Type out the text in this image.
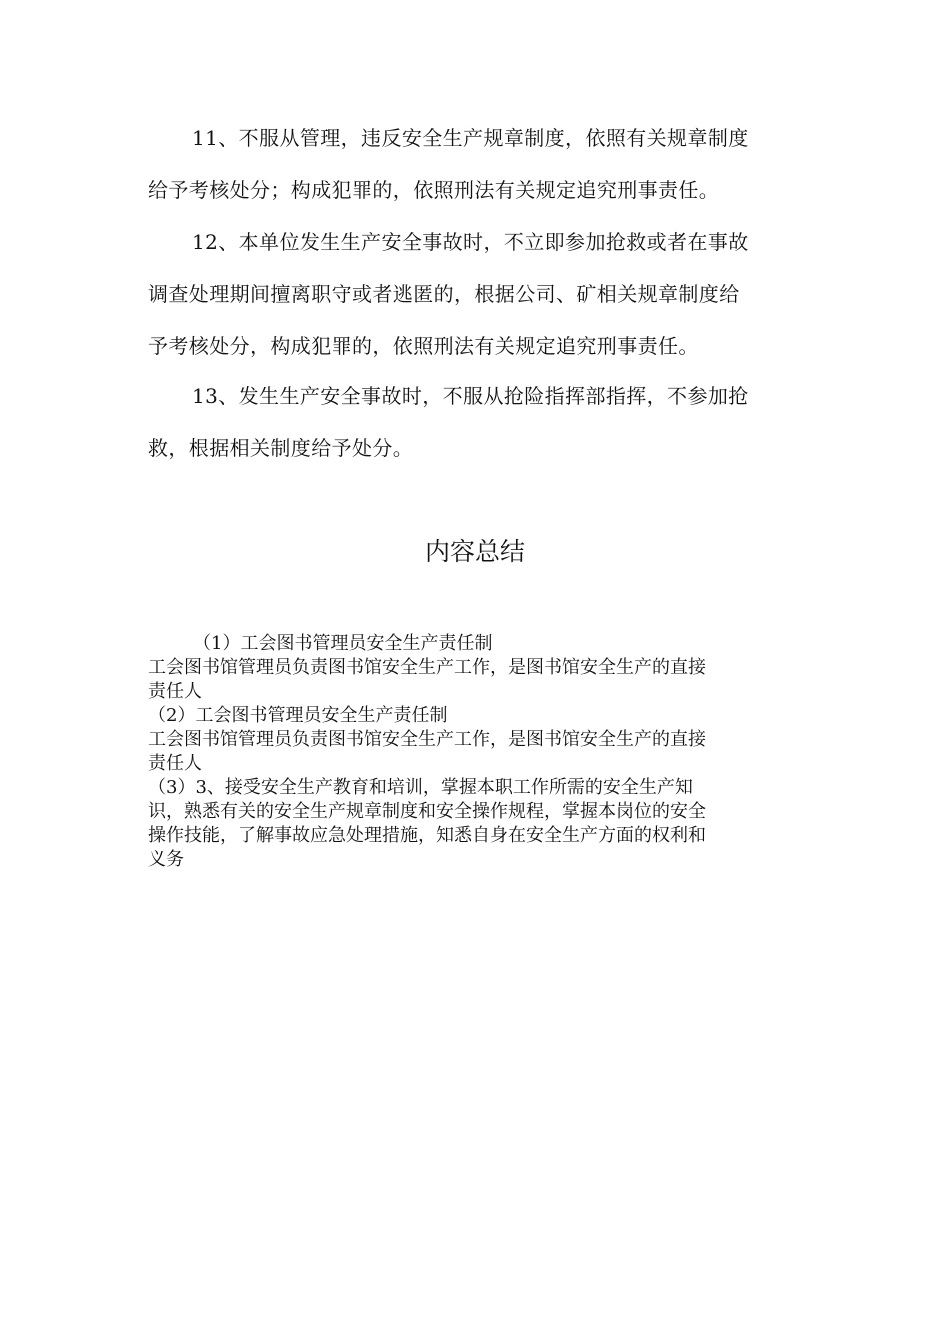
11、不服从管理，违反安全生产规章制度，依照有关规章制度
给予考核处分；构成犯罪的，依照刑法有关规定追究刑事责任。

12、本单位发生生产安全事故时，不立即参加抢救或者在事故
调查处理期间擅离职守或者逃匿的，根据公司、矿相关规章制度给
予考核处分，构成犯罪的，依照刑法有关规定追究刑事责任。

13、发生生产安全事故时，不服从抢险指挥部指挥，不参加抢
救，根据相关制度给予处分。

内容总结
（1）工会图书管理员安全生产责任制
工会图书馆管理员负责图书馆安全生产工作，是图书馆安全生产的直接
责任人
（2）工会图书管理员安全生产责任制
工会图书馆管理员负责图书馆安全生产工作，是图书馆安全生产的直接
责任人
（3）3、接受安全生产教育和培训，掌握本职工作所需的安全生产知
识，熟悉有关的安全生产规章制度和安全操作规程，掌握本岗位的安全
操作技能，了解事故应急处理措施，知悉自身在安全生产方面的权利和
义务
